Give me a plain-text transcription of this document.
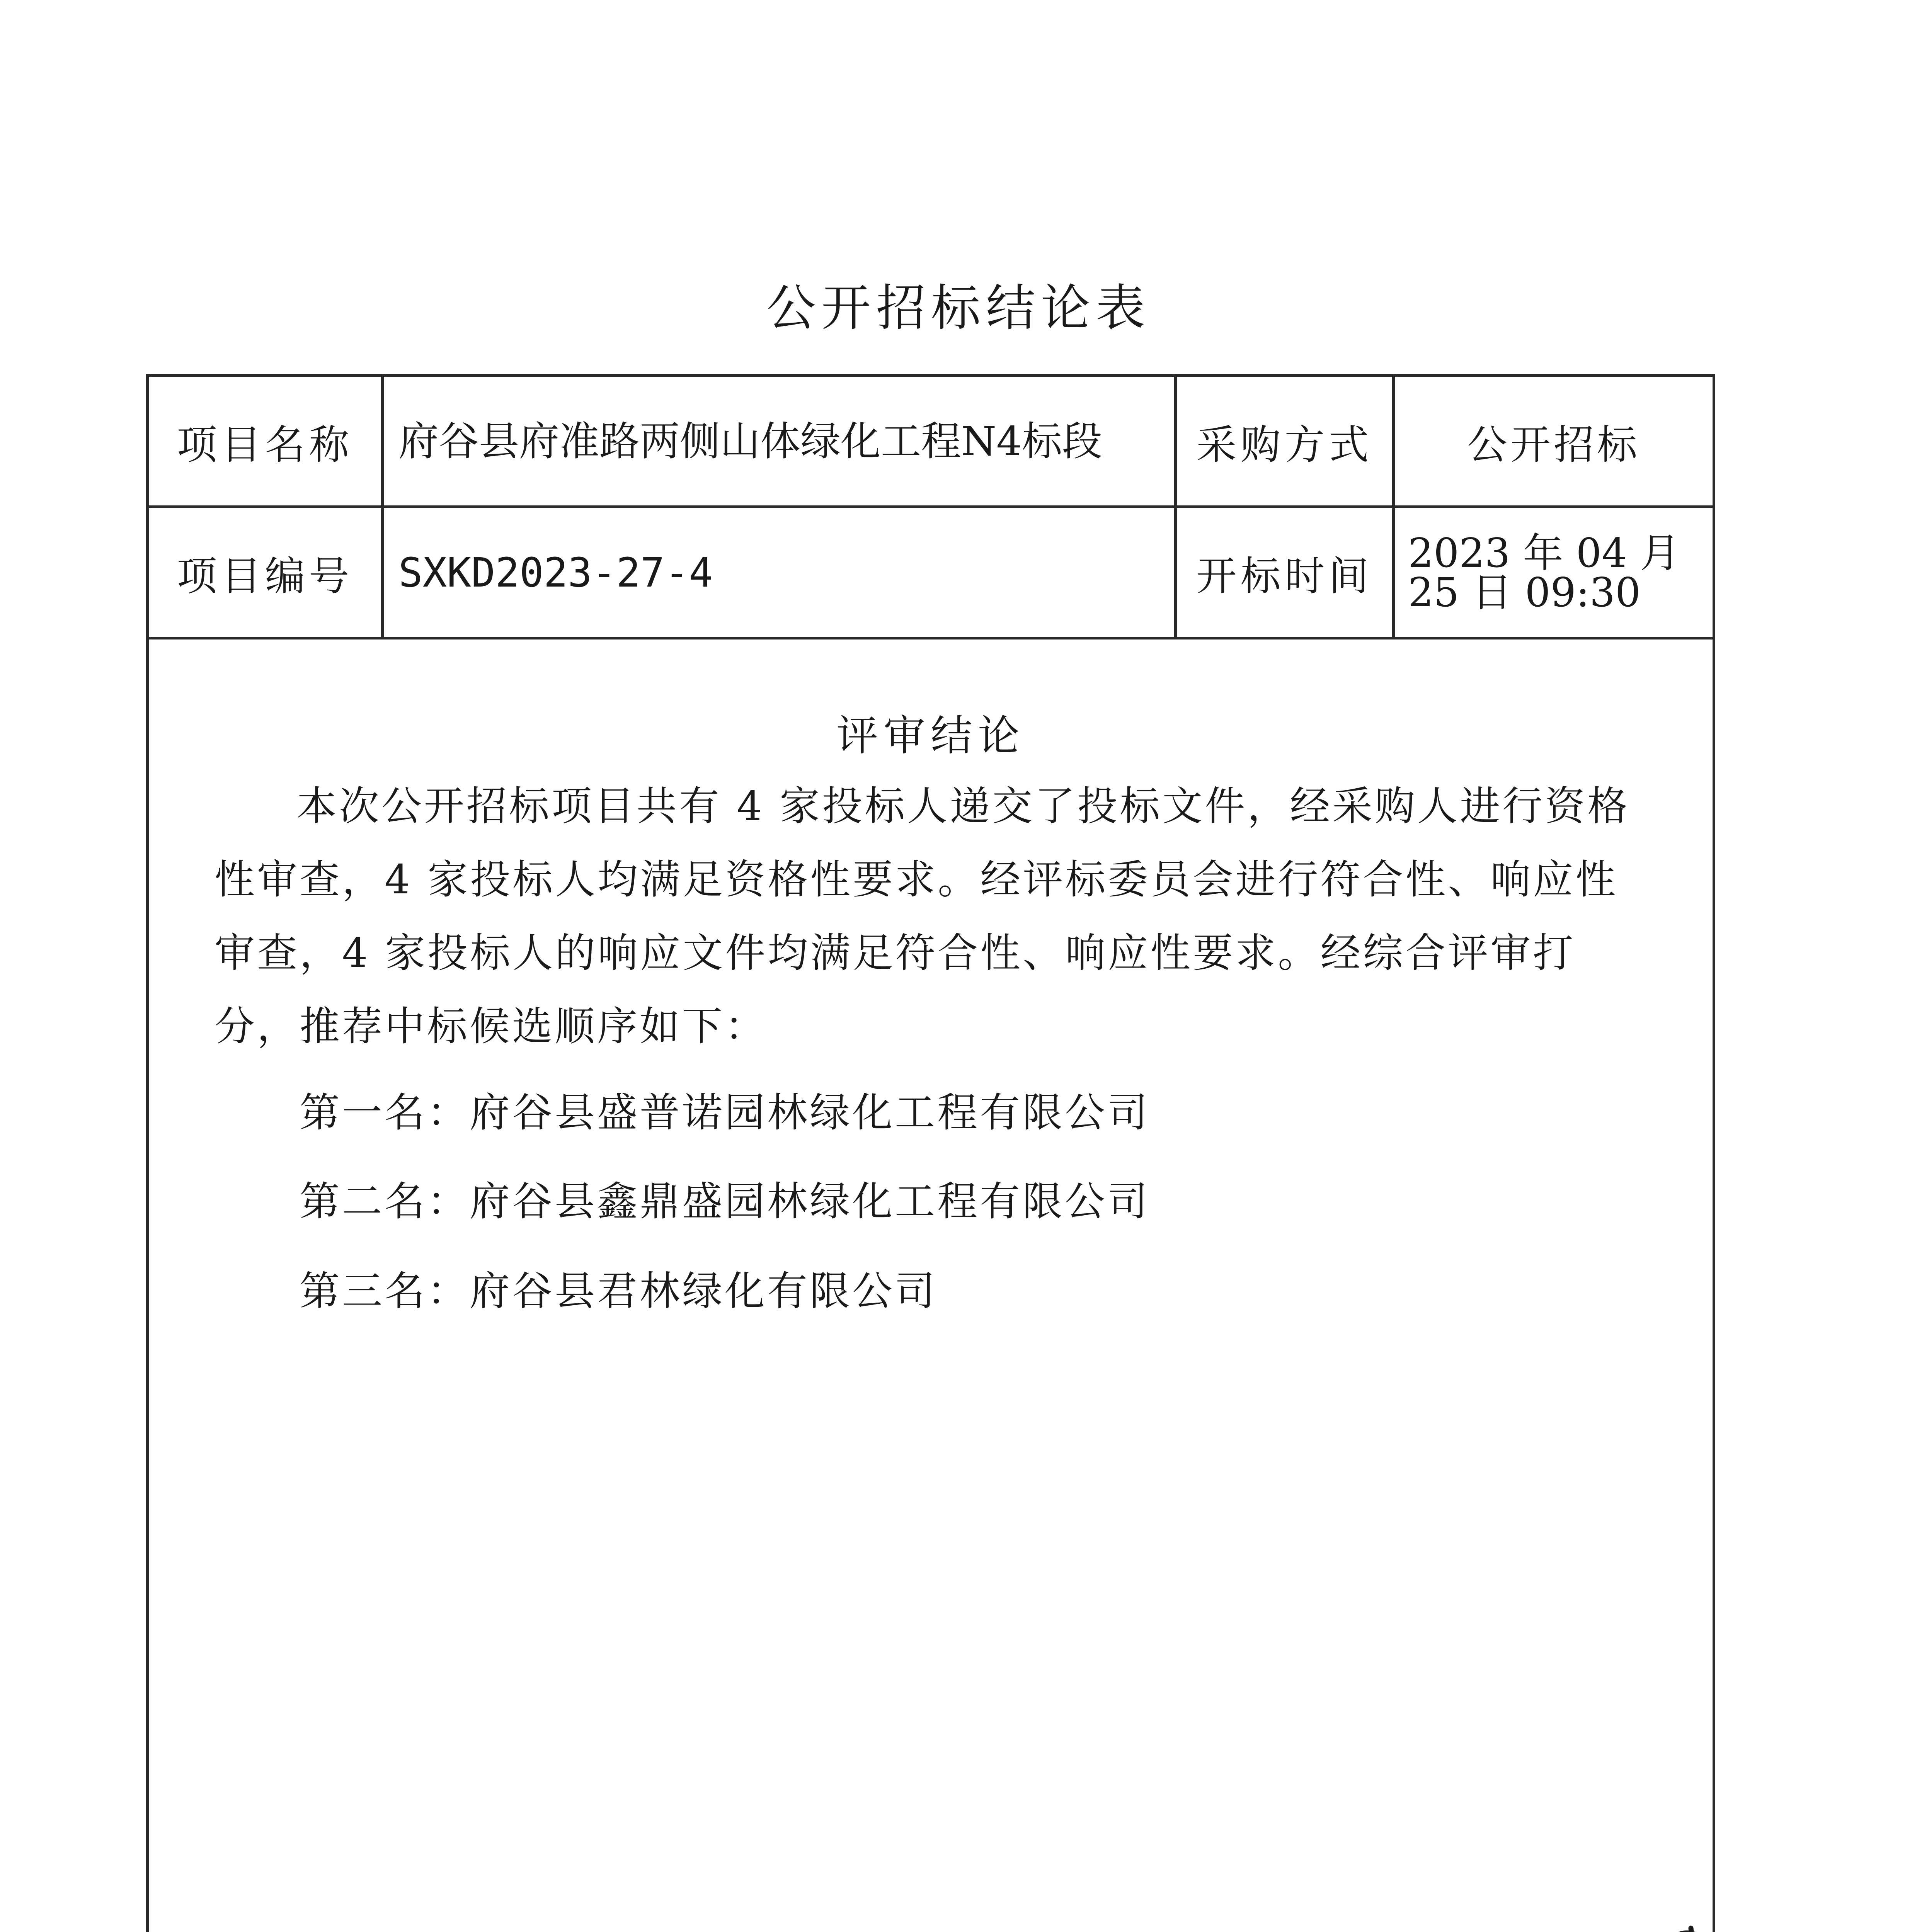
公开招标结论表
项目名称	府谷县府准路两侧山体绿化工程N4标段	采购方式	公开招标
项目编号	SXKD2023-27-4	开标时间 2023 年 04 月 25 日 09:30
评审结论

本次公开招标项目共有 4 家投标人递交了投标文件，经采购人进行资格性审查，4 家投标人均满足资格性要求。经评标委员会进行符合性、响应性审查，4 家投标人的响应文件均满足符合性、响应性要求。经综合评审打分，推荐中标候选顺序如下：

第一名：府谷县盛普诺园林绿化工程有限公司
第二名：府谷县鑫鼎盛园林绿化工程有限公司
第三名：府谷县君林绿化有限公司
